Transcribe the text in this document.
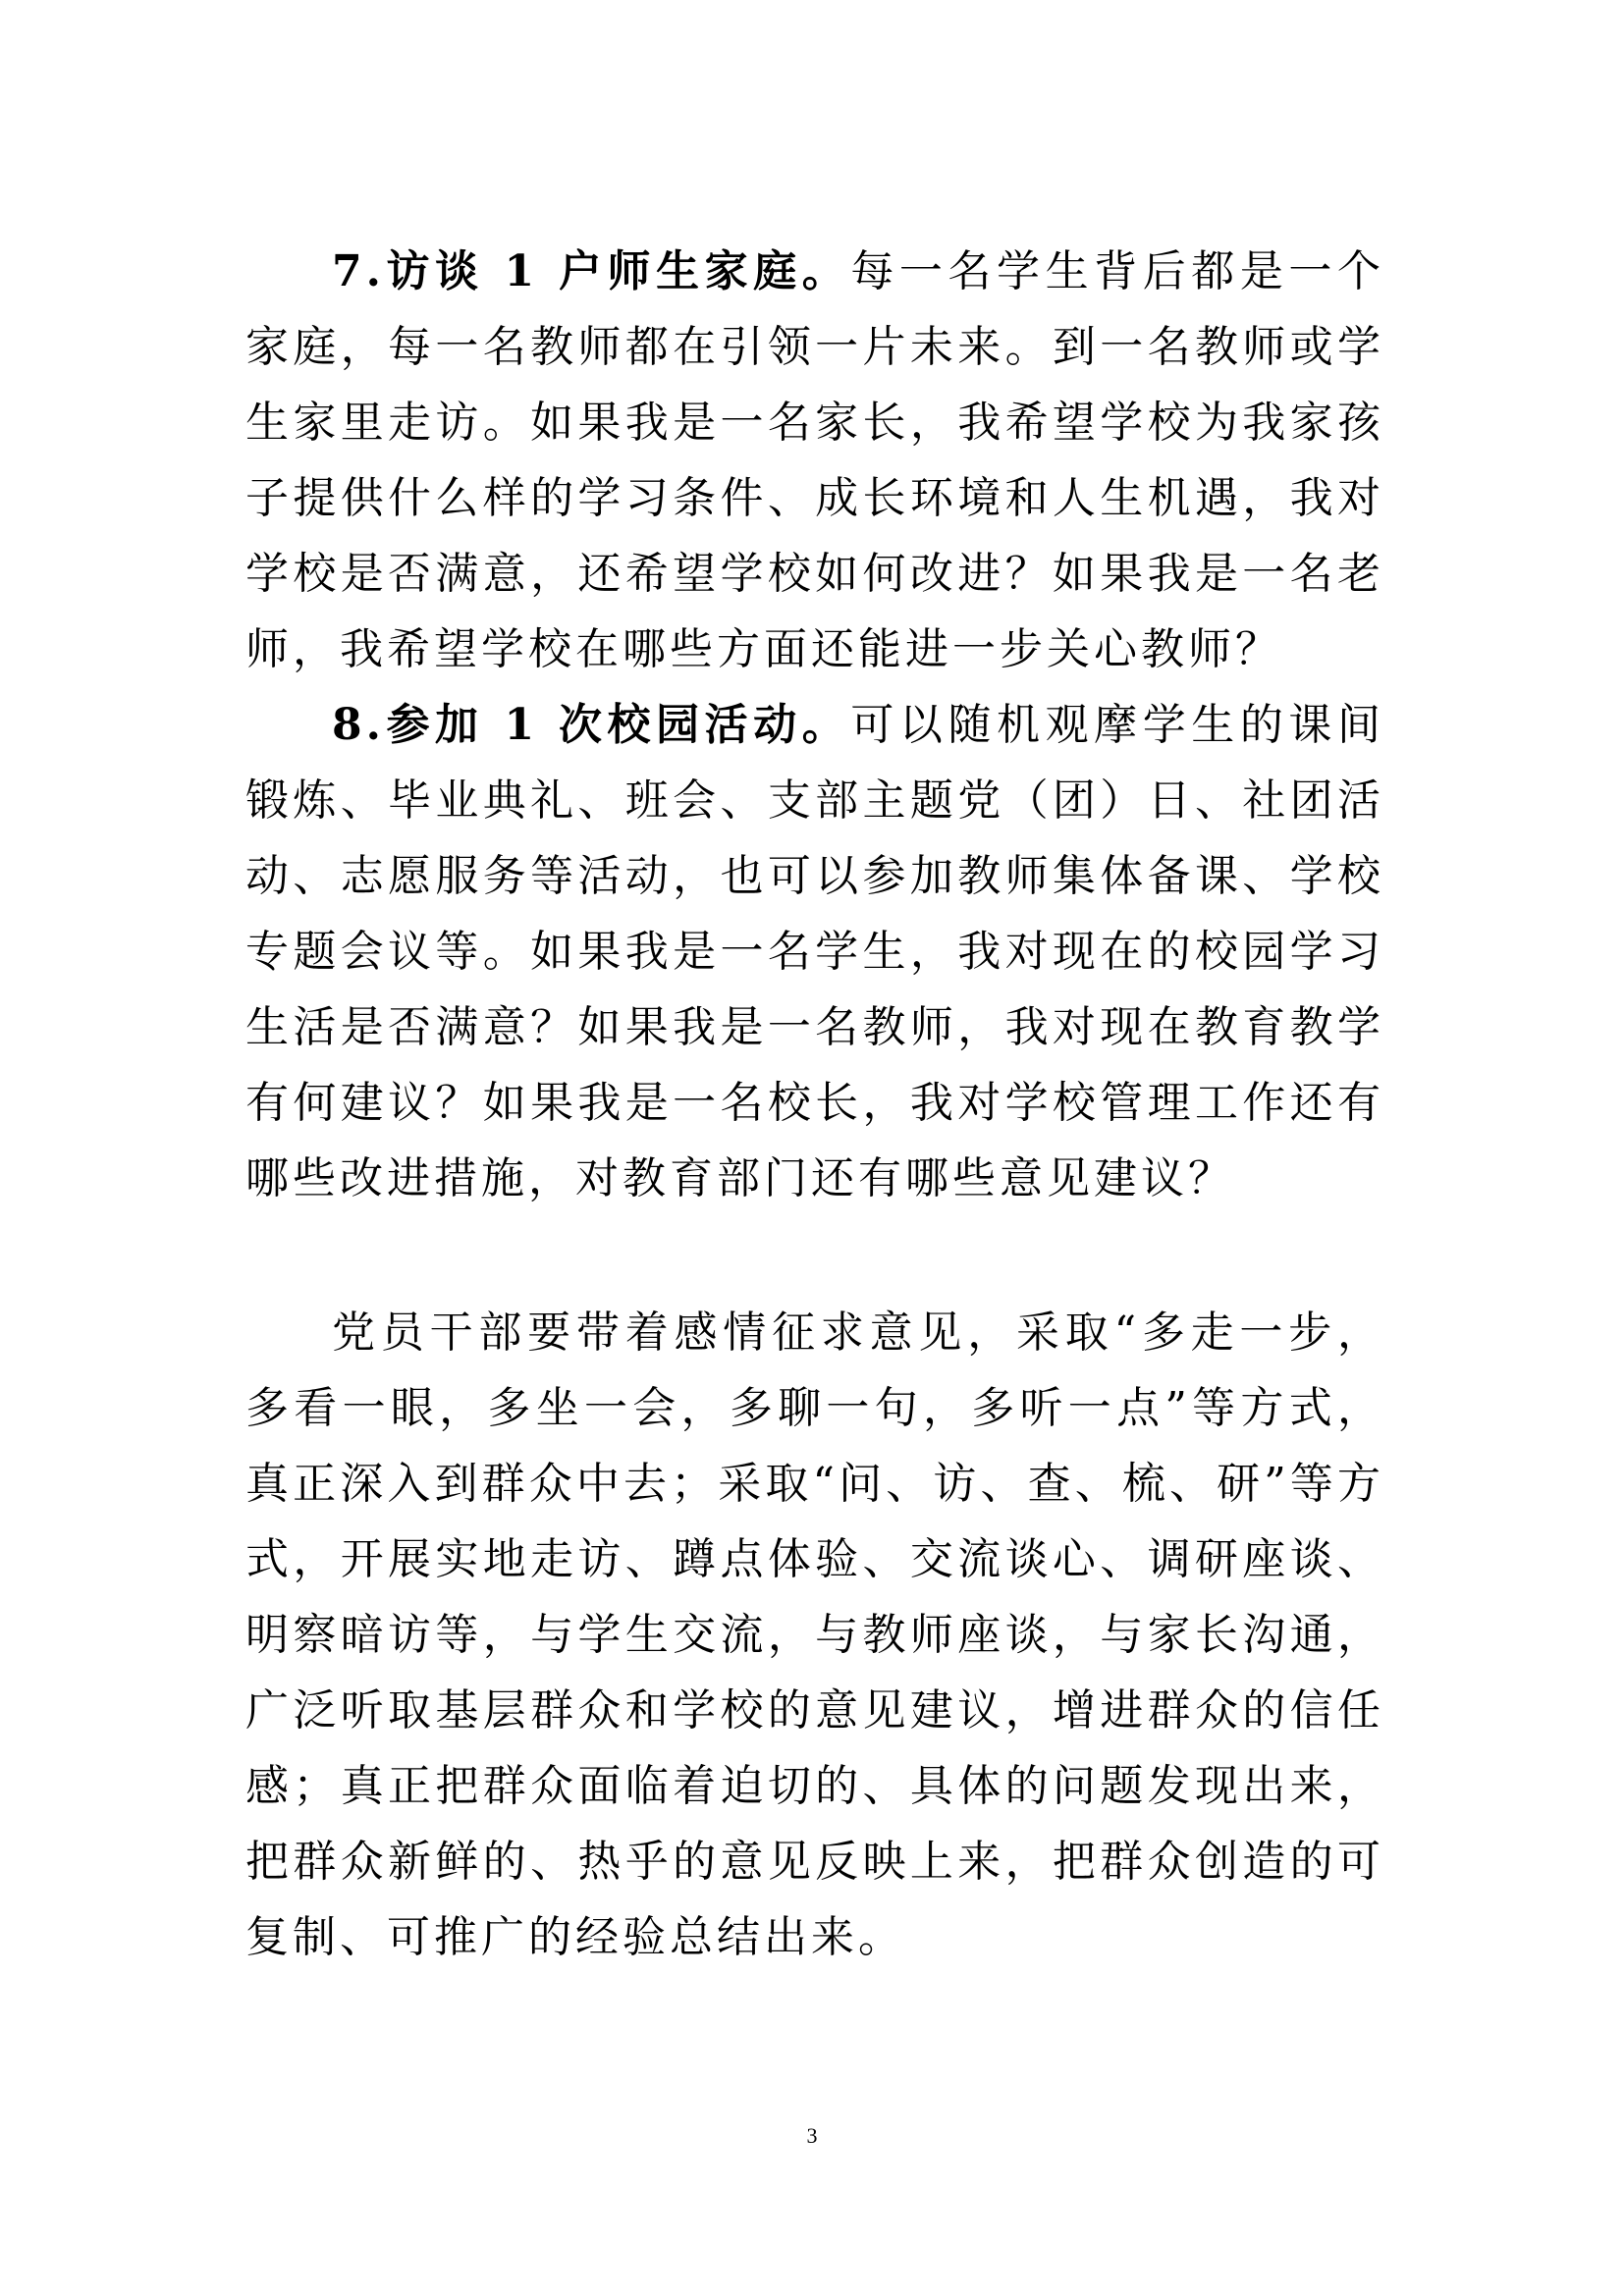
7.访谈 1 户师生家庭。每一名学生背后都是一个家庭，每一名教师都在引领一片未来。到一名教师或学生家里走访。如果我是一名家长，我希望学校为我家孩子提供什么样的学习条件、成长环境和人生机遇，我对学校是否满意，还希望学校如何改进？如果我是一名老师，我希望学校在哪些方面还能进一步关心教师？

8.参加 1 次校园活动。可以随机观摩学生的课间锻炼、毕业典礼、班会、支部主题党（团）日、社团活动、志愿服务等活动，也可以参加教师集体备课、学校专题会议等。如果我是一名学生，我对现在的校园学习生活是否满意？如果我是一名教师，我对现在教育教学有何建议？如果我是一名校长，我对学校管理工作还有哪些改进措施，对教育部门还有哪些意见建议？

党员干部要带着感情征求意见，采取“多走一步，多看一眼，多坐一会，多聊一句，多听一点”等方式，真正深入到群众中去；采取“问、访、查、梳、研”等方式，开展实地走访、蹲点体验、交流谈心、调研座谈、明察暗访等，与学生交流，与教师座谈，与家长沟通，广泛听取基层群众和学校的意见建议，增进群众的信任感；真正把群众面临着迫切的、具体的问题发现出来，把群众新鲜的、热乎的意见反映上来，把群众创造的可复制、可推广的经验总结出来。

3
